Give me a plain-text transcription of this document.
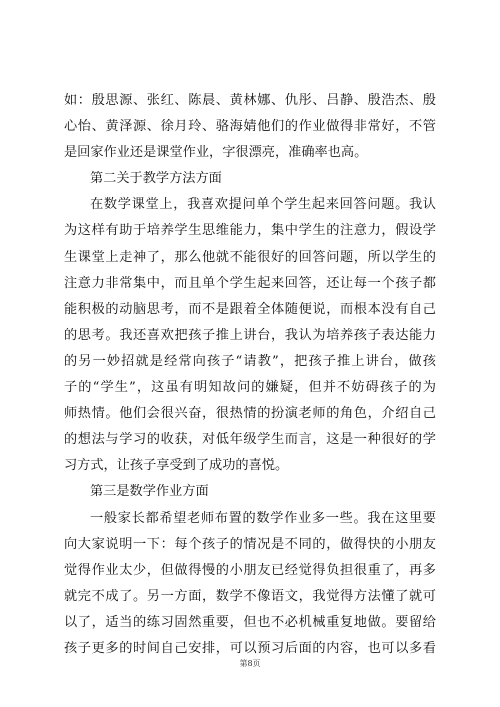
如：殷思源、张红、陈晨、黄林娜、仇彤、吕静、殷浩杰、殷
心怡、黄泽源、徐月玲、骆海婧他们的作业做得非常好，不管
是回家作业还是课堂作业，字很漂亮，准确率也高。
第二关于教学方法方面
在数学课堂上，我喜欢提问单个学生起来回答问题。我认
为这样有助于培养学生思维能力，集中学生的注意力，假设学
生课堂上走神了，那么他就不能很好的回答问题，所以学生的
注意力非常集中，而且单个学生起来回答，还让每一个孩子都
能积极的动脑思考，而不是跟着全体随便说，而根本没有自己
的思考。我还喜欢把孩子推上讲台，我认为培养孩子表达能力
的另一妙招就是经常向孩子“请教”，把孩子推上讲台，做孩
子的“学生”，这虽有明知故问的嫌疑，但并不妨碍孩子的为
师热情。他们会很兴奋，很热情的扮演老师的角色，介绍自己
的想法与学习的收获，对低年级学生而言，这是一种很好的学
习方式，让孩子享受到了成功的喜悦。
第三是数学作业方面
一般家长都希望老师布置的数学作业多一些。我在这里要
向大家说明一下：每个孩子的情况是不同的，做得快的小朋友
觉得作业太少，但做得慢的小朋友已经觉得负担很重了，再多
就完不成了。另一方面，数学不像语文，我觉得方法懂了就可
以了，适当的练习固然重要，但也不必机械重复地做。要留给
孩子更多的时间自己安排，可以预习后面的内容，也可以多看
第8页
